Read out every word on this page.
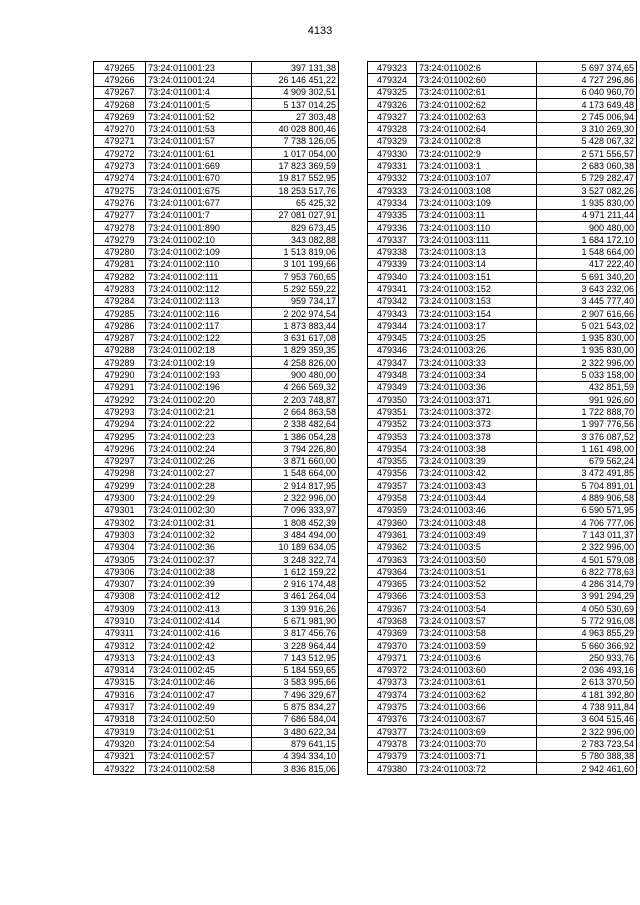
4133
479265	73:24:011001:23	397 131,38
479266	73:24:011001:24	26 146 451,22
479267	73:24:011001:4	4 909 302,51
479268	73:24:011001:5	5 137 014,25
479269	73:24:011001:52	27 303,48
479270	73:24:011001:53	40 028 800,46
479271	73:24:011001:57	7 738 126,05
479272	73:24:011001:61	1 017 054,00
479273	73:24:011001:669	17 823 369,59
479274	73:24:011001:670	19 817 552,95
479275	73:24:011001:675	18 253 517,76
479276	73:24:011001:677	65 425,32
479277	73:24:011001:7	27 081 027,91
479278	73:24:011001:890	829 673,45
479279	73:24:011002:10	343 082,88
479280	73:24:011002:109	1 513 819,06
479281	73:24:011002:110	3 101 199,66
479282	73:24:011002:111	7 953 760,65
479283	73:24:011002:112	5 292 559,22
479284	73:24:011002:113	959 734,17
479285	73:24:011002:116	2 202 974,54
479286	73:24:011002:117	1 873 883,44
479287	73:24:011002:122	3 631 617,08
479288	73:24:011002:18	1 829 359,35
479289	73:24:011002:19	4 258 826,00
479290	73:24:011002:193	900 480,00
479291	73:24:011002:196	4 266 569,32
479292	73:24:011002:20	2 203 748,87
479293	73:24:011002:21	2 664 863,58
479294	73:24:011002:22	2 338 482,64
479295	73:24:011002:23	1 386 054,28
479296	73:24:011002:24	3 794 226,80
479297	73:24:011002:26	3 871 660,00
479298	73:24:011002:27	1 548 664,00
479299	73:24:011002:28	2 914 817,95
479300	73:24:011002:29	2 322 996,00
479301	73:24:011002:30	7 096 333,97
479302	73:24:011002:31	1 808 452,39
479303	73:24:011002:32	3 484 494,00
479304	73:24:011002:36	10 189 634,05
479305	73:24:011002:37	3 248 322,74
479306	73:24:011002:38	1 612 159,22
479307	73:24:011002:39	2 916 174,48
479308	73:24:011002:412	3 461 264,04
479309	73:24:011002:413	3 139 916,26
479310	73:24:011002:414	5 671 981,90
479311	73:24:011002:416	3 817 456,76
479312	73:24:011002:42	3 228 964,44
479313	73:24:011002:43	7 143 512,95
479314	73:24:011002:45	5 184 559,65
479315	73:24:011002:46	3 583 995,66
479316	73:24:011002:47	7 496 329,67
479317	73:24:011002:49	5 875 834,27
479318	73:24:011002:50	7 686 584,04
479319	73:24:011002:51	3 480 622,34
479320	73:24:011002:54	879 641,15
479321	73:24:011002:57	4 394 334,10
479322	73:24:011002:58	3 836 815,06
479323	73:24:011002:6	5 697 374,65
479324	73:24:011002:60	4 727 296,86
479325	73:24:011002:61	6 040 960,70
479326	73:24:011002:62	4 173 649,48
479327	73:24:011002:63	2 745 006,94
479328	73:24:011002:64	3 310 269,30
479329	73:24:011002:8	5 428 067,32
479330	73:24:011002:9	2 571 556,57
479331	73:24:011003:1	2 683 060,38
479332	73:24:011003:107	5 729 282,47
479333	73:24:011003:108	3 527 082,26
479334	73:24:011003:109	1 935 830,00
479335	73:24:011003:11	4 971 211,44
479336	73:24:011003:110	900 480,00
479337	73:24:011003:111	1 684 172,10
479338	73:24:011003:13	1 548 664,00
479339	73:24:011003:14	417 222,40
479340	73:24:011003:151	5 691 340,20
479341	73:24:011003:152	3 643 232,06
479342	73:24:011003:153	3 445 777,40
479343	73:24:011003:154	2 907 616,66
479344	73:24:011003:17	5 021 543,02
479345	73:24:011003:25	1 935 830,00
479346	73:24:011003:26	1 935 830,00
479347	73:24:011003:33	2 322 996,00
479348	73:24:011003:34	5 033 158,00
479349	73:24:011003:36	432 851,59
479350	73:24:011003:371	991 926,60
479351	73:24:011003:372	1 722 888,70
479352	73:24:011003:373	1 997 776,56
479353	73:24:011003:378	3 376 087,52
479354	73:24:011003:38	1 161 498,00
479355	73:24:011003:39	679 562,24
479356	73:24:011003:42	3 472 491,85
479357	73:24:011003:43	5 704 891,01
479358	73:24:011003:44	4 889 906,58
479359	73:24:011003:46	6 590 571,95
479360	73:24:011003:48	4 706 777,06
479361	73:24:011003:49	7 143 011,37
479362	73:24:011003:5	2 322 996,00
479363	73:24:011003:50	4 501 579,08
479364	73:24:011003:51	6 822 778,63
479365	73:24:011003:52	4 286 314,79
479366	73:24:011003:53	3 991 294,29
479367	73:24:011003:54	4 050 530,69
479368	73:24:011003:57	5 772 916,08
479369	73:24:011003:58	4 963 855,29
479370	73:24:011003:59	5 660 366,92
479371	73:24:011003:6	250 933,76
479372	73:24:011003:60	2 036 493,16
479373	73:24:011003:61	2 613 370,50
479374	73:24:011003:62	4 181 392,80
479375	73:24:011003:66	4 738 911,84
479376	73:24:011003:67	3 604 515,46
479377	73:24:011003:69	2 322 996,00
479378	73:24:011003:70	2 783 723,54
479379	73:24:011003:71	5 780 388,38
479380	73:24:011003:72	2 942 461,60
